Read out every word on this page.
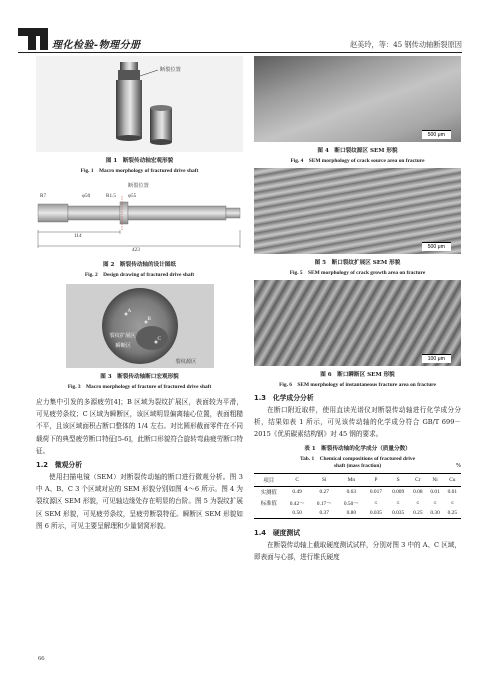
理化检验-物理分册	赵美玲，等：45 钢传动轴断裂原因
断裂位置
图 1　断裂传动轴宏观形貌
Fig. 1　Macro morphology of fractured drive shaft
断裂位置
R7	φ50	R1.5 φ55
114
423
图 2　断裂传动轴的设计图纸
Fig. 2　Design drawing of fractured drive shaft
A
B
C
裂纹扩展区
瞬断区
裂纹源区
图 3　断裂传动轴断口宏观形貌
Fig. 3　Macro morphology of fracture of fractured drive shaft
应力集中引发的多源疲劳[4]；B 区域为裂纹扩展区，表面较为平滑，可见疲劳条纹；C 区域为瞬断区，该区域明显偏离轴心位置，表面粗糙不平，且该区域面积占断口整体的 1/4 左右。对比圆形截面零件在不同载荷下的典型疲劳断口特征[5-6]，此断口形貌符合旋转弯曲疲劳断口特征。
1.2　微观分析
使用扫描电镜（SEM）对断裂传动轴的断口进行微观分析。图 3 中 A、B、C 3 个区域对应的 SEM 形貌分别如图 4～6 所示。图 4 为裂纹源区 SEM 形貌，可见轴边缘处存在明显的台阶。图 5 为裂纹扩展区 SEM 形貌，可见疲劳条纹，呈疲劳断裂特征。瞬断区 SEM 形貌如图 6 所示，可见主要呈解理和少量韧窝形貌。
500 μm
图 4　断口裂纹源区 SEM 形貌
Fig. 4　SEM morphology of crack source area on fracture
500 μm
图 5　断口裂纹扩展区 SEM 形貌
Fig. 5　SEM morphology of crack growth area on fracture
100 μm
图 6　断口瞬断区 SEM 形貌
Fig. 6　SEM morphology of instantaneous fracture area on fracture
1.3　化学成分分析
在断口附近取样，使用直读光谱仪对断裂传动轴进行化学成分分析，结果如表 1 所示，可见该传动轴的化学成分符合 GB/T 699－2015《优质碳素结构钢》对 45 钢的要求。
表 1　断裂传动轴的化学成分（质量分数）
Tab. 1　Chemical compositions of fractured drive
shaft (mass fraction)	%
项目	C	Si	Mn	P	S	Cr	Ni	Cu
实测值	0.49	0.27	0.63	0.017	0.009	0.08	0.01	0.01
标准值	0.42～	0.17～	0.50～	≤	≤	≤	≤	≤
	0.50	0.37	0.80	0.035	0.035	0.25	0.30	0.25
1.4　硬度测试
在断裂传动轴上截取硬度测试试样，分别对图 3 中的 A、C 区域，即表面与心部，进行维氏硬度
66
